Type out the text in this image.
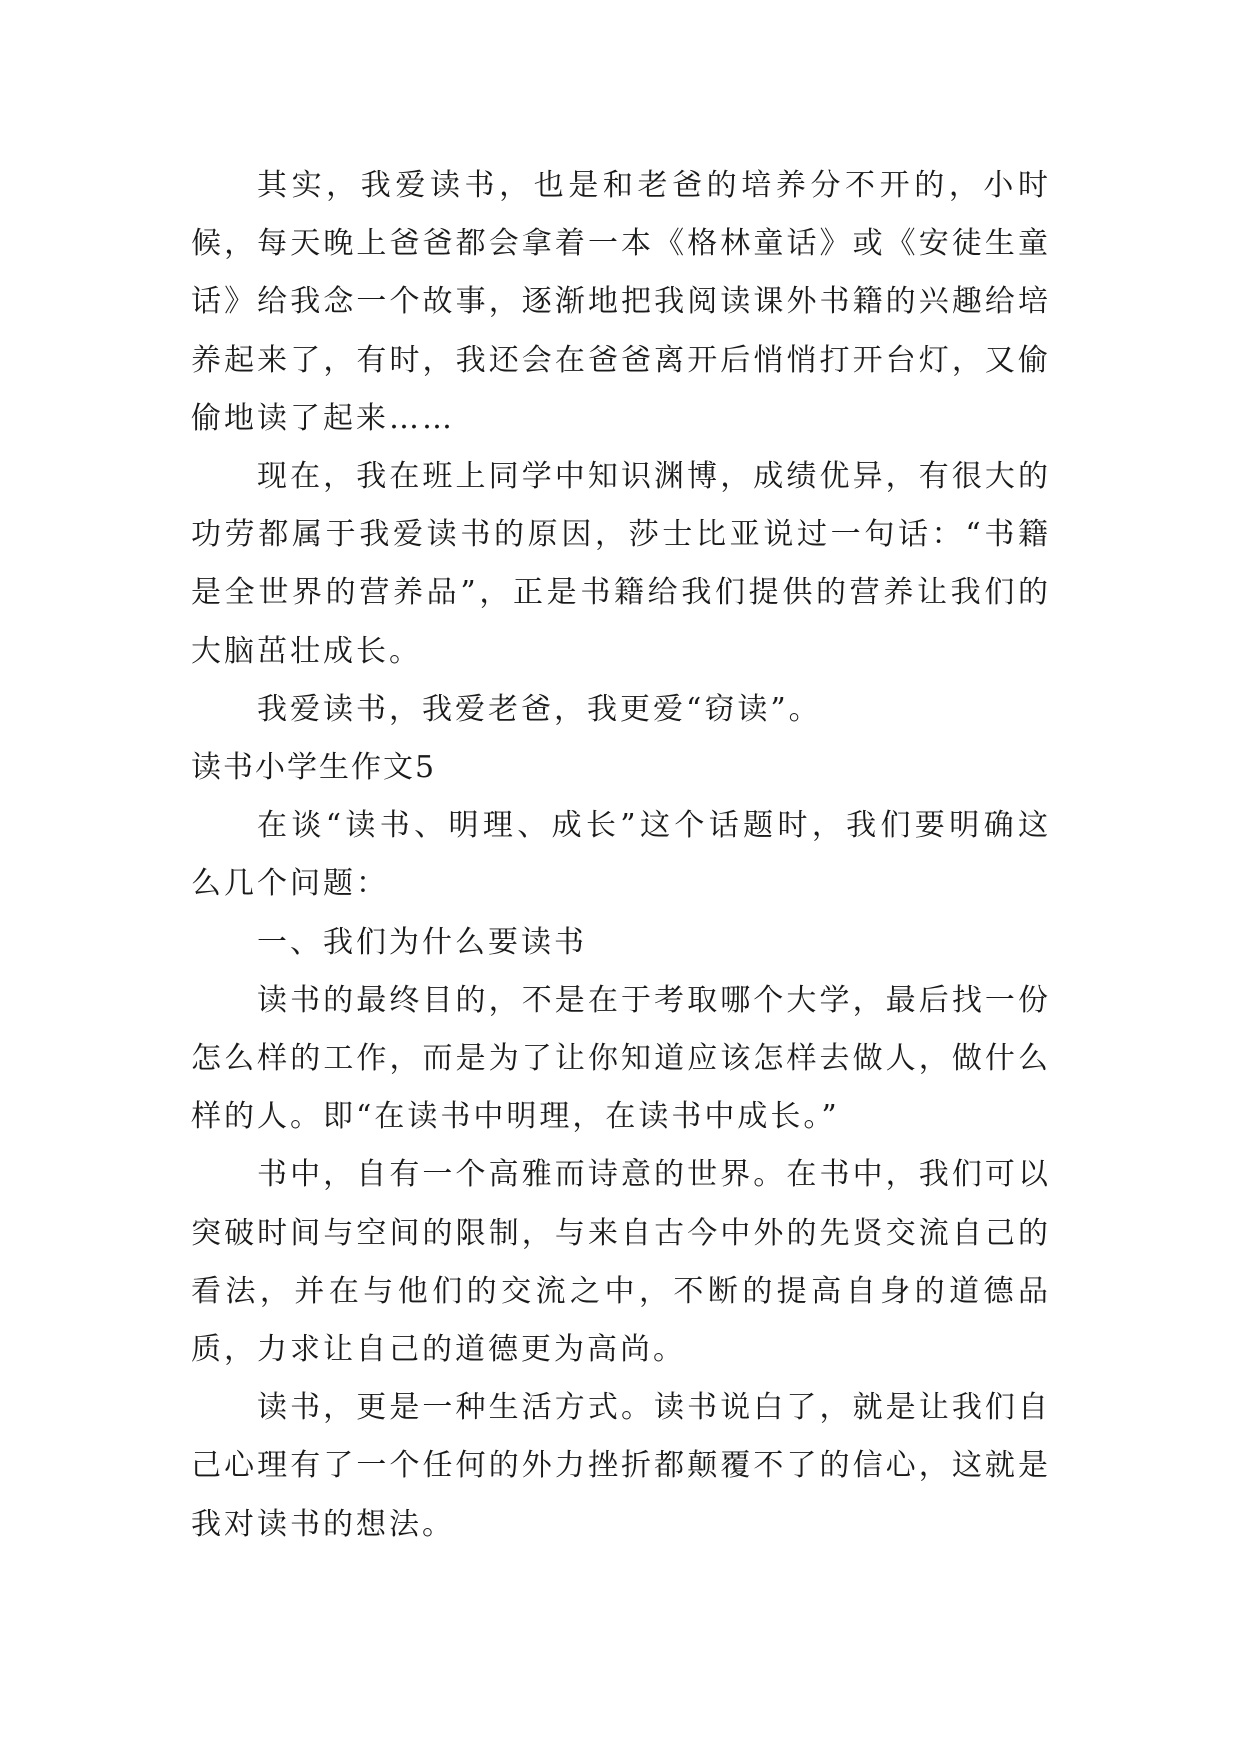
其实，我爱读书，也是和老爸的培养分不开的，小时候，每天晚上爸爸都会拿着一本《格林童话》或《安徒生童话》给我念一个故事，逐渐地把我阅读课外书籍的兴趣给培养起来了，有时，我还会在爸爸离开后悄悄打开台灯，又偷偷地读了起来……

现在，我在班上同学中知识渊博，成绩优异，有很大的功劳都属于我爱读书的原因，莎士比亚说过一句话：“书籍是全世界的营养品”，正是书籍给我们提供的营养让我们的大脑茁壮成长。

我爱读书，我爱老爸，我更爱“窃读”。

读书小学生作文5

在谈“读书、明理、成长”这个话题时，我们要明确这么几个问题：

一、我们为什么要读书

读书的最终目的，不是在于考取哪个大学，最后找一份怎么样的工作，而是为了让你知道应该怎样去做人，做什么样的人。即“在读书中明理，在读书中成长。”

书中，自有一个高雅而诗意的世界。在书中，我们可以突破时间与空间的限制，与来自古今中外的先贤交流自己的看法，并在与他们的交流之中，不断的提高自身的道德品质，力求让自己的道德更为高尚。

读书，更是一种生活方式。读书说白了，就是让我们自己心理有了一个任何的外力挫折都颠覆不了的信心，这就是我对读书的想法。
